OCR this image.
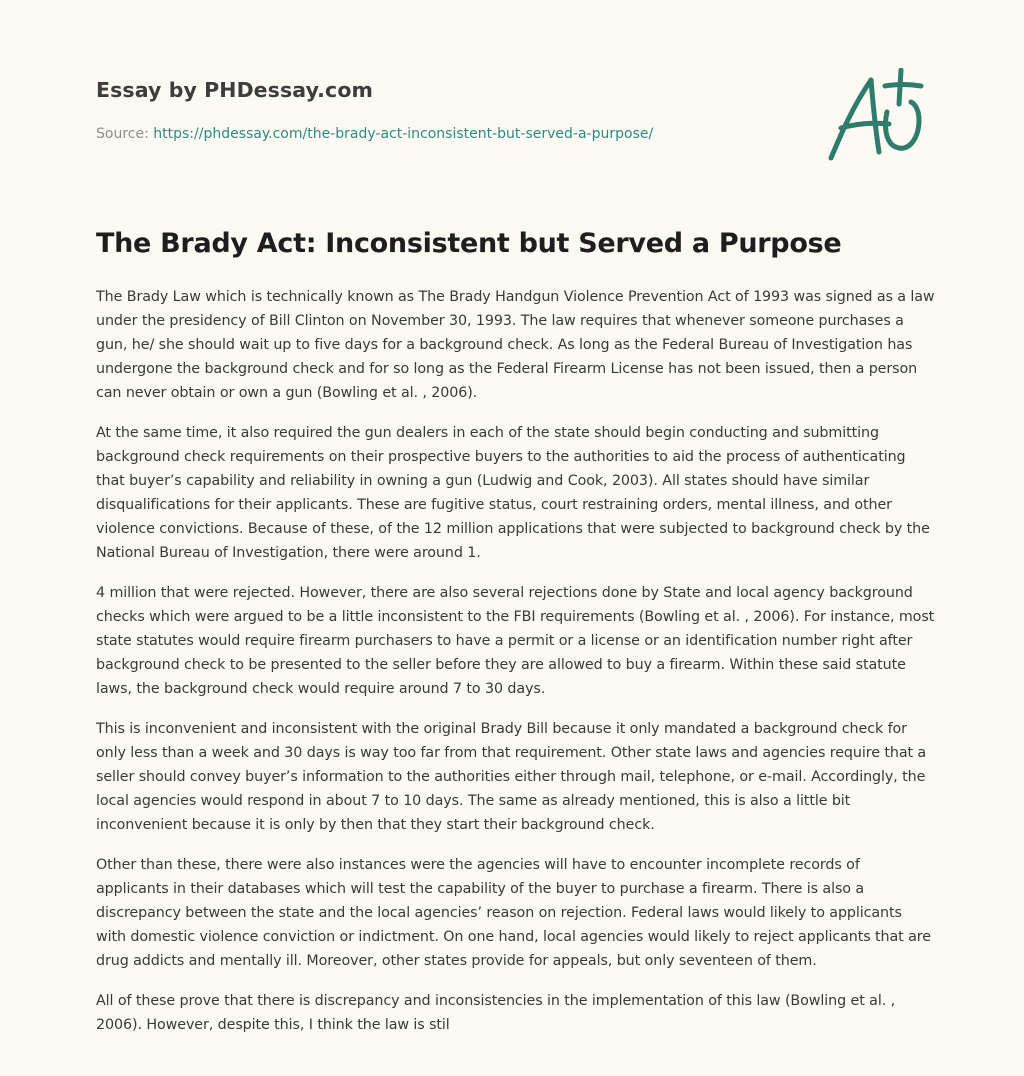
Essay by PHDessay.com
Source: https://phdessay.com/the-brady-act-inconsistent-but-served-a-purpose/
The Brady Act: Inconsistent but Served a Purpose

The Brady Law which is technically known as The Brady Handgun Violence Prevention Act of 1993 was signed as a law under the presidency of Bill Clinton on November 30, 1993. The law requires that whenever someone purchases a gun, he/ she should wait up to five days for a background check. As long as the Federal Bureau of Investigation has undergone the background check and for so long as the Federal Firearm License has not been issued, then a person can never obtain or own a gun (Bowling et al. , 2006).

At the same time, it also required the gun dealers in each of the state should begin conducting and submitting background check requirements on their prospective buyers to the authorities to aid the process of authenticating that buyer’s capability and reliability in owning a gun (Ludwig and Cook, 2003). All states should have similar disqualifications for their applicants. These are fugitive status, court restraining orders, mental illness, and other violence convictions. Because of these, of the 12 million applications that were subjected to background check by the National Bureau of Investigation, there were around 1.

4 million that were rejected. However, there are also several rejections done by State and local agency background checks which were argued to be a little inconsistent to the FBI requirements (Bowling et al. , 2006). For instance, most state statutes would require firearm purchasers to have a permit or a license or an identification number right after background check to be presented to the seller before they are allowed to buy a firearm. Within these said statute laws, the background check would require around 7 to 30 days.

This is inconvenient and inconsistent with the original Brady Bill because it only mandated a background check for only less than a week and 30 days is way too far from that requirement. Other state laws and agencies require that a seller should convey buyer’s information to the authorities either through mail, telephone, or e-mail. Accordingly, the local agencies would respond in about 7 to 10 days. The same as already mentioned, this is also a little bit inconvenient because it is only by then that they start their background check.

Other than these, there were also instances were the agencies will have to encounter incomplete records of applicants in their databases which will test the capability of the buyer to purchase a firearm. There is also a discrepancy between the state and the local agencies’ reason on rejection. Federal laws would likely to applicants with domestic violence conviction or indictment. On one hand, local agencies would likely to reject applicants that are drug addicts and mentally ill. Moreover, other states provide for appeals, but only seventeen of them.

All of these prove that there is discrepancy and inconsistencies in the implementation of this law (Bowling et al. , 2006). However, despite this, I think the law is stil
